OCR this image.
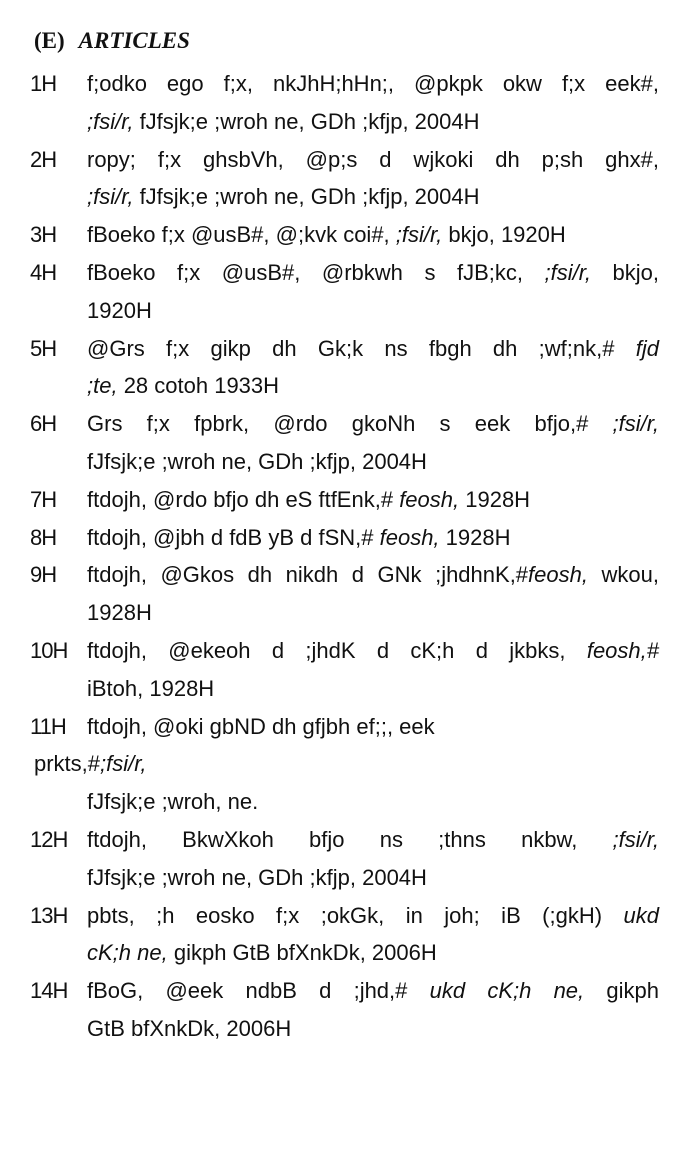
(E) ARTICLES
1H f;odko ego f;x, nkJhH;hHn;, @pkpk okw f;x eek#,
;fsi/r, fJfsjk;e ;wroh ne, GDh ;kfjp, 2004H
2H ropy; f;x ghsbVh, @p;s d wjkoki dh p;sh ghx#,
;fsi/r, fJfsjk;e ;wroh ne, GDh ;kfjp, 2004H
3H fBoeko f;x @usB#, @;kvk coi#, ;fsi/r, bkjo, 1920H
4H fBoeko f;x @usB#, @rbkwh s fJB;kc, ;fsi/r, bkjo,
1920H
5H @Grs f;x gikp dh Gk;k ns fbgh dh ;wf;nk,# fjd
;te, 28 cotoh 1933H
6H Grs f;x fpbrk, @rdo gkoNh s eek bfjo,# ;fsi/r,
fJfsjk;e ;wroh ne, GDh ;kfjp, 2004H
7H ftdojh, @rdo bfjo dh eS ftfEnk,# feosh, 1928H
8H ftdojh, @jbh d fdB yB d fSN,# feosh, 1928H
9H ftdojh, @Gkos dh nikdh d GNk ;jhdhnK,#feosh, wkou,
1928H
10H ftdojh, @ekeoh d ;jhdK d cK;h d jkbks, feosh,#
iBtoh, 1928H
11H ftdojh, @oki gbND dh gfjbh ef;;, eek
prkts,#;fsi/r,
fJfsjk;e ;wroh, ne.
12H ftdojh, BkwXkoh bfjo ns ;thns nkbw, ;fsi/r,
fJfsjk;e ;wroh ne, GDh ;kfjp, 2004H
13H pbts, ;h eosko f;x ;okGk, in joh; iB (;gkH) ukd
cK;h ne, gikph GtB bfXnkDk, 2006H
14H fBoG, @eek ndbB d ;jhd,# ukd cK;h ne, gikph
GtB bfXnkDk, 2006H
